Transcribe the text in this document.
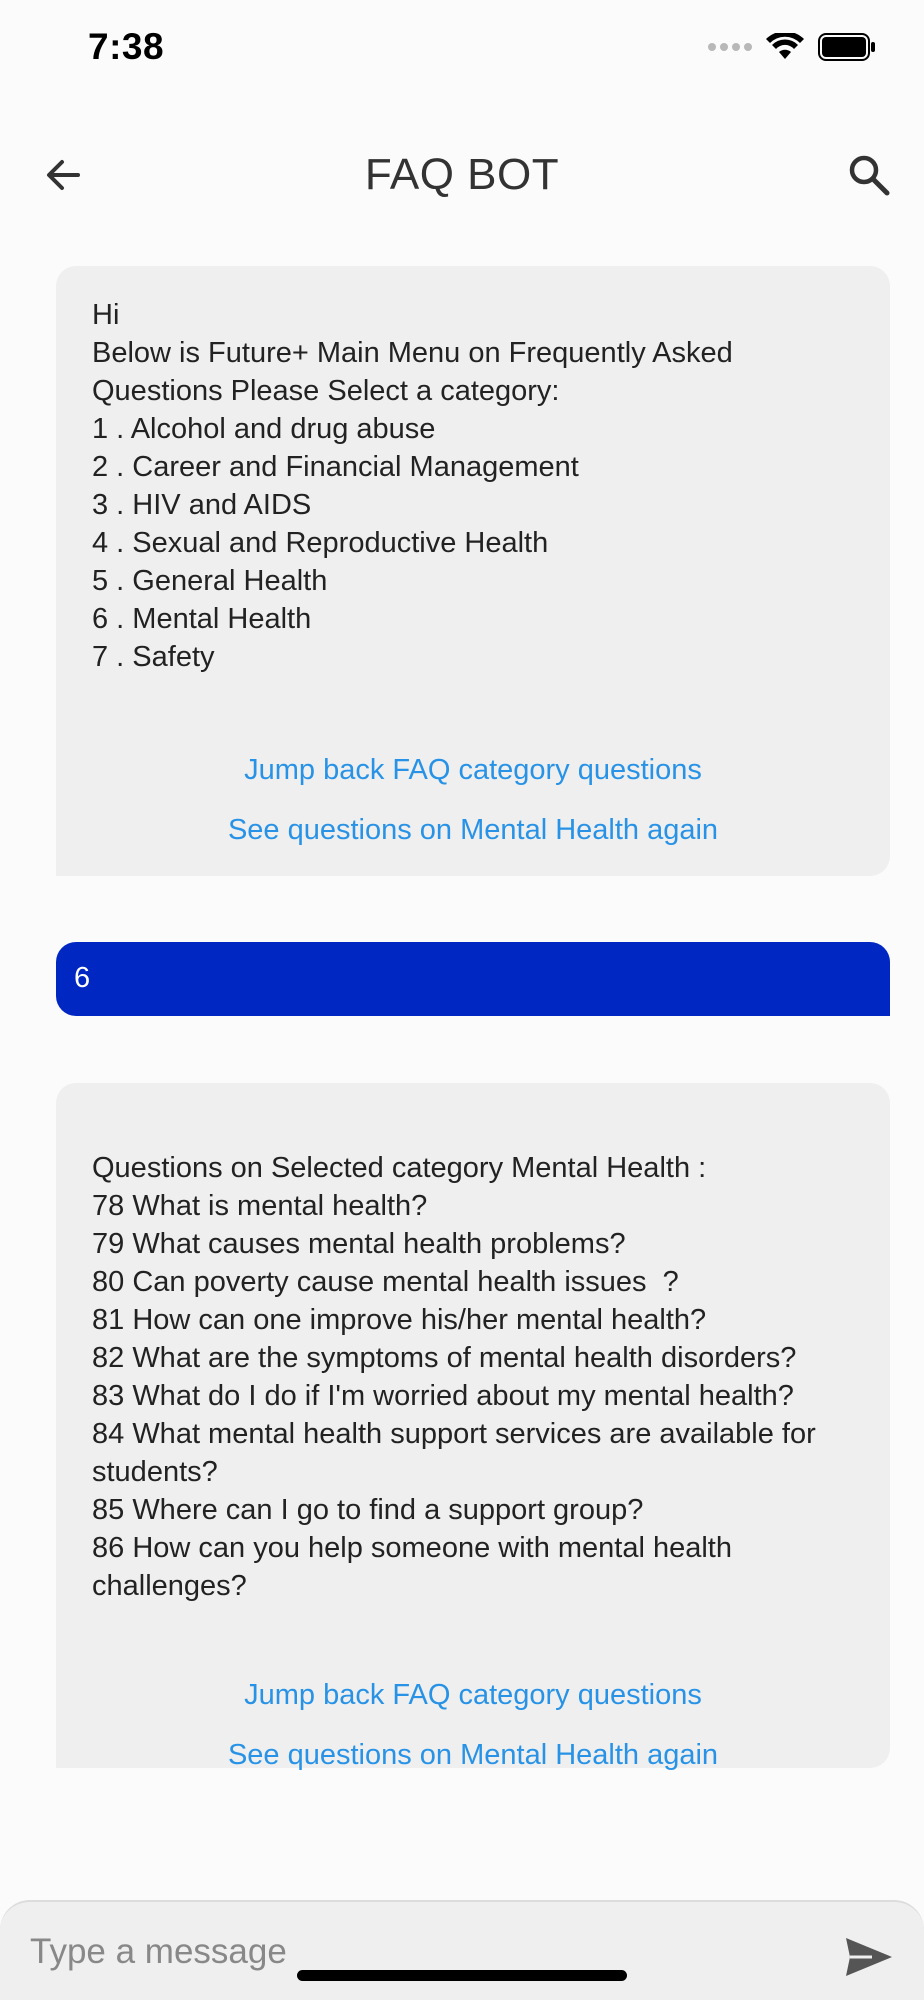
7:38
FAQ BOT
Hi
Below is Future+ Main Menu on Frequently Asked Questions Please Select a category:
1 . Alcohol and drug abuse
2 . Career and Financial Management
3 . HIV and AIDS
4 . Sexual and Reproductive Health
5 . General Health
6 . Mental Health
7 . Safety
Jump back FAQ category questions
See questions on Mental Health again
6
Questions on Selected category Mental Health :
78 What is mental health?
79 What causes mental health problems?
80 Can poverty cause mental health issues  ?
81 How can one improve his/her mental health?
82 What are the symptoms of mental health disorders?
83 What do I do if I'm worried about my mental health?
84 What mental health support services are available for students?
85 Where can I go to find a support group?
86 How can you help someone with mental health challenges?
Jump back FAQ category questions
See questions on Mental Health again
Type a message
